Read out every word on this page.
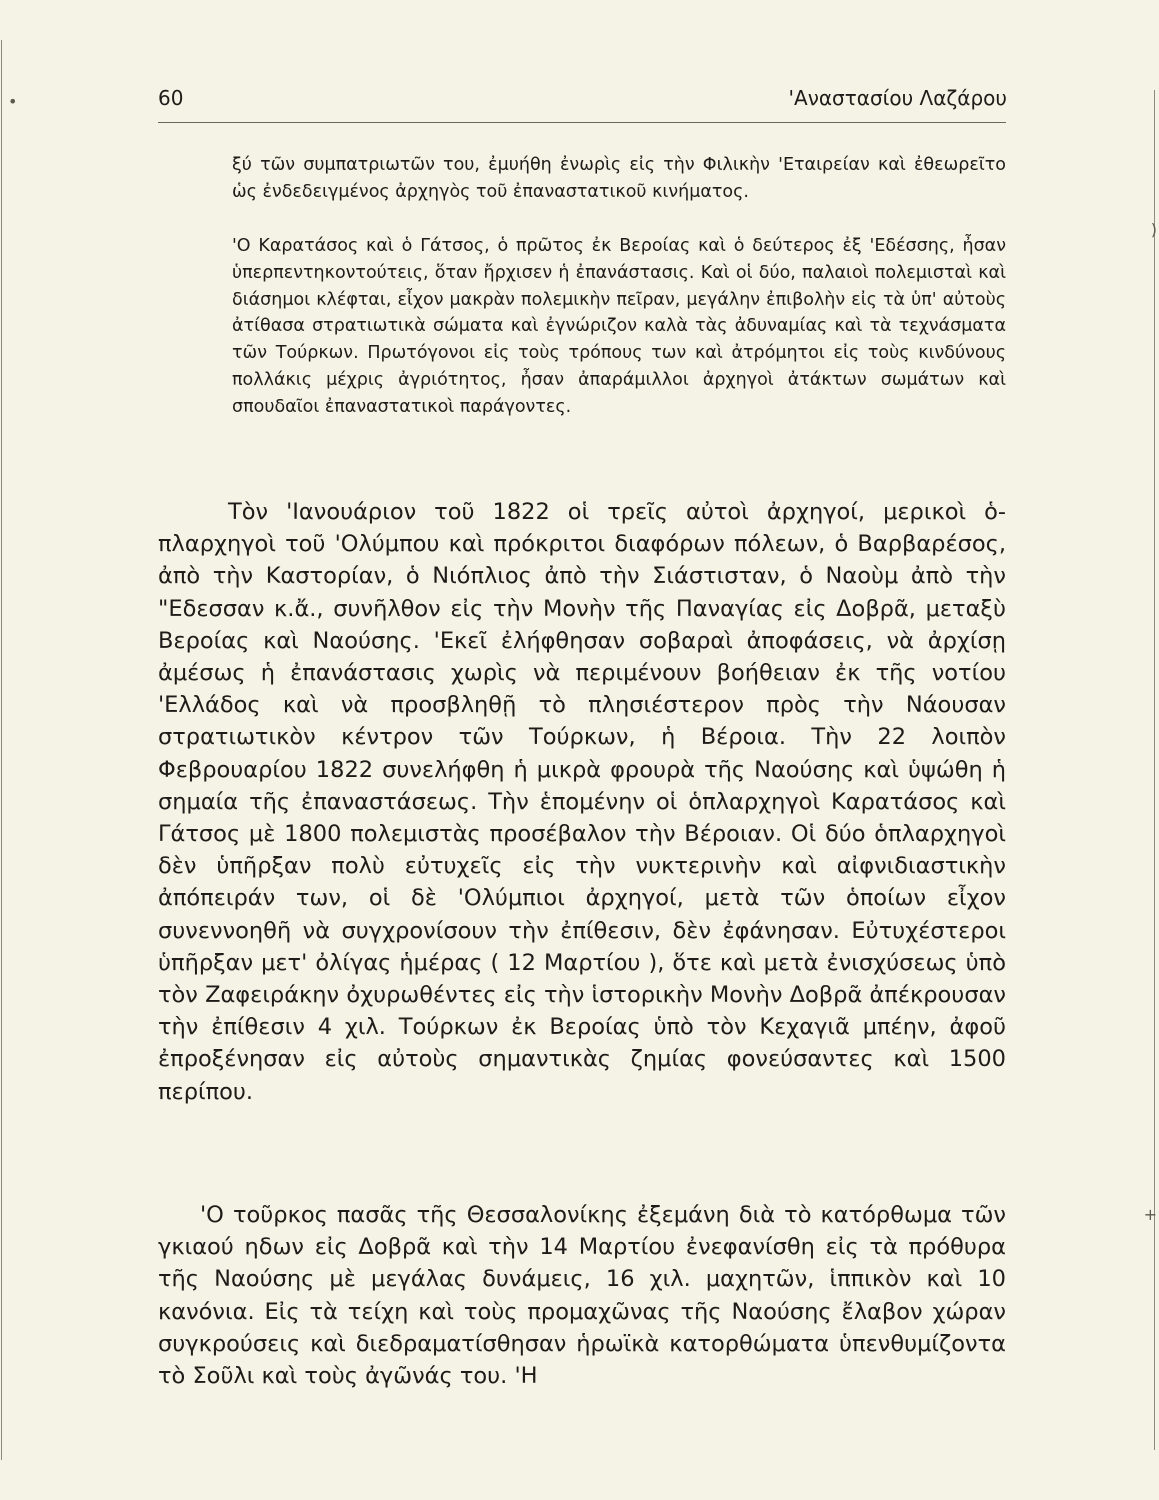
•
)
+
60	'Αναστασίου Λαζάρου

ξύ τῶν συμπατριωτῶν του, ἐμυήθη ἐνωρὶς εἰς τὴν Φιλικὴν 'Εταιρείαν καὶ ἐθεωρεῖτο ὡς ἐνδεδειγμένος ἀρχηγὸς τοῦ ἐπαναστατικοῦ κινήματος.

'Ο Καρατάσος καὶ ὁ Γάτσος, ὁ πρῶτος ἐκ Βεροίας καὶ ὁ δεύτερος ἐξ 'Εδέσσης, ἦσαν ὑπερπεντηκοντούτεις, ὅταν ἤρχισεν ἡ ἐπανάστασις. Καὶ οἱ δύο, παλαιοὶ πολεμισταὶ καὶ διάσημοι κλέφται, εἶχον μακρὰν πολεμικὴν πεῖραν, μεγάλην ἐπιβολὴν εἰς τὰ ὑπ' αὐτοὺς ἀτίθασα στρατιωτικὰ σώματα καὶ ἐγνώριζον καλὰ τὰς ἀδυναμίας καὶ τὰ τεχνάσματα τῶν Τούρκων. Πρωτόγονοι εἰς τοὺς τρόπους των καὶ ἀτρόμητοι εἰς τοὺς κινδύνους πολλάκις μέχρις ἀγριότητος, ἦσαν ἀπαράμιλλοι ἀρχηγοὶ ἀτάκτων σωμάτων καὶ σπουδαῖοι ἐπαναστατικοὶ παράγοντες.

Τὸν 'Ιανουάριον τοῦ 1822 οἱ τρεῖς αὐτοὶ ἀρχηγοί, μερικοὶ ὁπλαρχηγοὶ τοῦ 'Ολύμπου καὶ πρόκριτοι διαφόρων πόλεων, ὁ Βαρβαρέσος, ἀπὸ τὴν Καστορίαν, ὁ Νιόπλιος ἀπὸ τὴν Σιάστισταν, ὁ Ναοὺμ ἀπὸ τὴν "Εδεσσαν κ.ἄ., συνῆλθον εἰς τὴν Μονὴν τῆς Παναγίας εἰς Δοβρᾶ, μεταξὺ Βεροίας καὶ Ναούσης. 'Εκεῖ ἐλήφθησαν σοβαραὶ ἀποφάσεις, νὰ ἀρχίσῃ ἀμέσως ἡ ἐπανάστασις χωρὶς νὰ περιμένουν βοήθειαν ἐκ τῆς νοτίου 'Ελλάδος καὶ νὰ προσβληθῇ τὸ πλησιέστερον πρὸς τὴν Νάουσαν στρατιωτικὸν κέντρον τῶν Τούρκων, ἡ Βέροια. Τὴν 22 λοιπὸν Φεβρουαρίου 1822 συνελήφθη ἡ μικρὰ φρουρὰ τῆς Ναούσης καὶ ὑψώθη ἡ σημαία τῆς ἐπαναστάσεως. Τὴν ἑπομένην οἱ ὁπλαρχηγοὶ Καρατάσος καὶ Γάτσος μὲ 1800 πολεμιστὰς προσέβαλον τὴν Βέροιαν. Οἱ δύο ὁπλαρχηγοὶ δὲν ὑπῆρξαν πολὺ εὐτυχεῖς εἰς τὴν νυκτερινὴν καὶ αἰφνιδιαστικὴν ἀπόπειράν των, οἱ δὲ 'Ολύμπιοι ἀρχηγοί, μετὰ τῶν ὁποίων εἶχον συνεννοηθῆ νὰ συγχρονίσουν τὴν ἐπίθεσιν, δὲν ἐφάνησαν. Εὐτυχέστεροι ὑπῆρξαν μετ' ὀλίγας ἡμέρας ( 12 Μαρτίου ), ὅτε καὶ μετὰ ἐνισχύσεως ὑπὸ τὸν Ζαφειράκην ὀχυρωθέντες εἰς τὴν ἱστορικὴν Μονὴν Δοβρᾶ ἀπέκρουσαν τὴν ἐπίθεσιν 4 χιλ. Τούρκων ἐκ Βεροίας ὑπὸ τὸν Κεχαγιᾶ μπέην, ἀφοῦ ἐπροξένησαν εἰς αὐτοὺς σημαντικὰς ζημίας φονεύσαντες καὶ 1500 περίπου.

'Ο τοῦρκος πασᾶς τῆς Θεσσαλονίκης ἐξεμάνη διὰ τὸ κατόρθωμα τῶν γκιαού ηδων εἰς Δοβρᾶ καὶ τὴν 14 Μαρτίου ἐνεφανίσθη εἰς τὰ πρόθυρα τῆς Ναούσης μὲ μεγάλας δυνάμεις, 16 χιλ. μαχητῶν, ἱππικὸν καὶ 10 κανόνια. Εἰς τὰ τείχη καὶ τοὺς προμαχῶνας τῆς Ναούσης ἔλαβον χώραν συγκρούσεις καὶ διεδραματίσθησαν ἡρωϊκὰ κατορθώματα ὑπενθυμίζοντα τὸ Σοῦλι καὶ τοὺς ἀγῶνάς του. 'Η
